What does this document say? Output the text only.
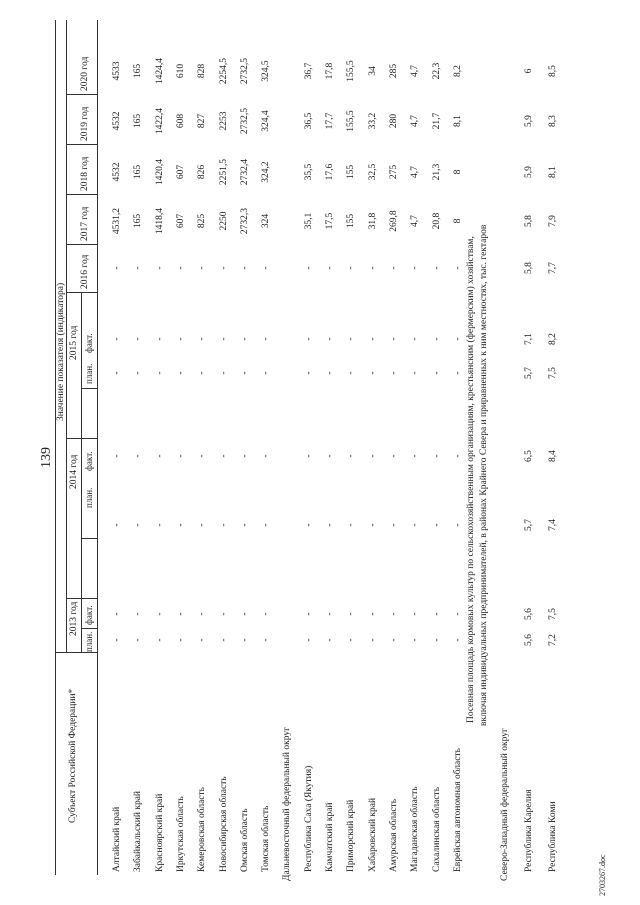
139
2703267.doc
Субъект Российской Федерации*
Значение показателя (индикатора)
2013 год
2014 год
2015 год
план.
факт.
план.
факт.
план.
факт.
2016 год
2017 год
2018 год
2019 год
2020 год
Алтайский край
-
-
-
-
-
-
-
4531,2
4532
4532
4533
Забайкальский край
-
-
-
-
-
-
-
165
165
165
165
Красноярский край
-
-
-
-
-
-
-
1418,4
1420,4
1422,4
1424,4
Иркутская область
-
-
-
-
-
-
-
607
607
608
610
Кемеровская область
-
-
-
-
-
-
-
825
826
827
828
Новосибирская область
-
-
-
-
-
-
-
2250
2251,5
2253
2254,5
Омская область
-
-
-
-
-
-
-
2732,3
2732,4
2732,5
2732,5
Томская область
-
-
-
-
-
-
-
324
324,2
324,4
324,5
Дальневосточный федеральный округ Республика Саха (Якутия)
-
-
-
-
-
-
-
35,1
35,5
36,5
36,7
Камчатский край
-
-
-
-
-
-
-
17,5
17,6
17,7
17,8
Приморский край
-
-
-
-
-
-
-
155
155
155,5
155,5
Хабаровский край
-
-
-
-
-
-
-
31,8
32,5
33,2
34
Амурская область
-
-
-
-
-
-
-
269,8
275
280
285
Магаданская область
-
-
-
-
-
-
-
4,7
4,7
4,7
4,7
Сахалинская область
-
-
-
-
-
-
-
20,8
21,3
21,7
22,3
Еврейская автономная область
-
-
-
-
-
-
-
8
8
8,1
8,2
Посевная площадь кормовых культур по сельскохозяйственным организациям, крестьянским (фермерским) хозяйствам, включая индивидуальных предпринимателей, в районах Крайнего Севера и приравненных к ним местностях, тыс. гектаров
Северо-Западный федеральный округ Республика Карелия
5,6
5,6
5,7
6,5
5,7
7,1
5,8
5,8
5,9
5,9
6
Республика Коми
7,2
7,5
7,4
8,4
7,5
8,2
7,7
7,9
8,1
8,3
8,5
